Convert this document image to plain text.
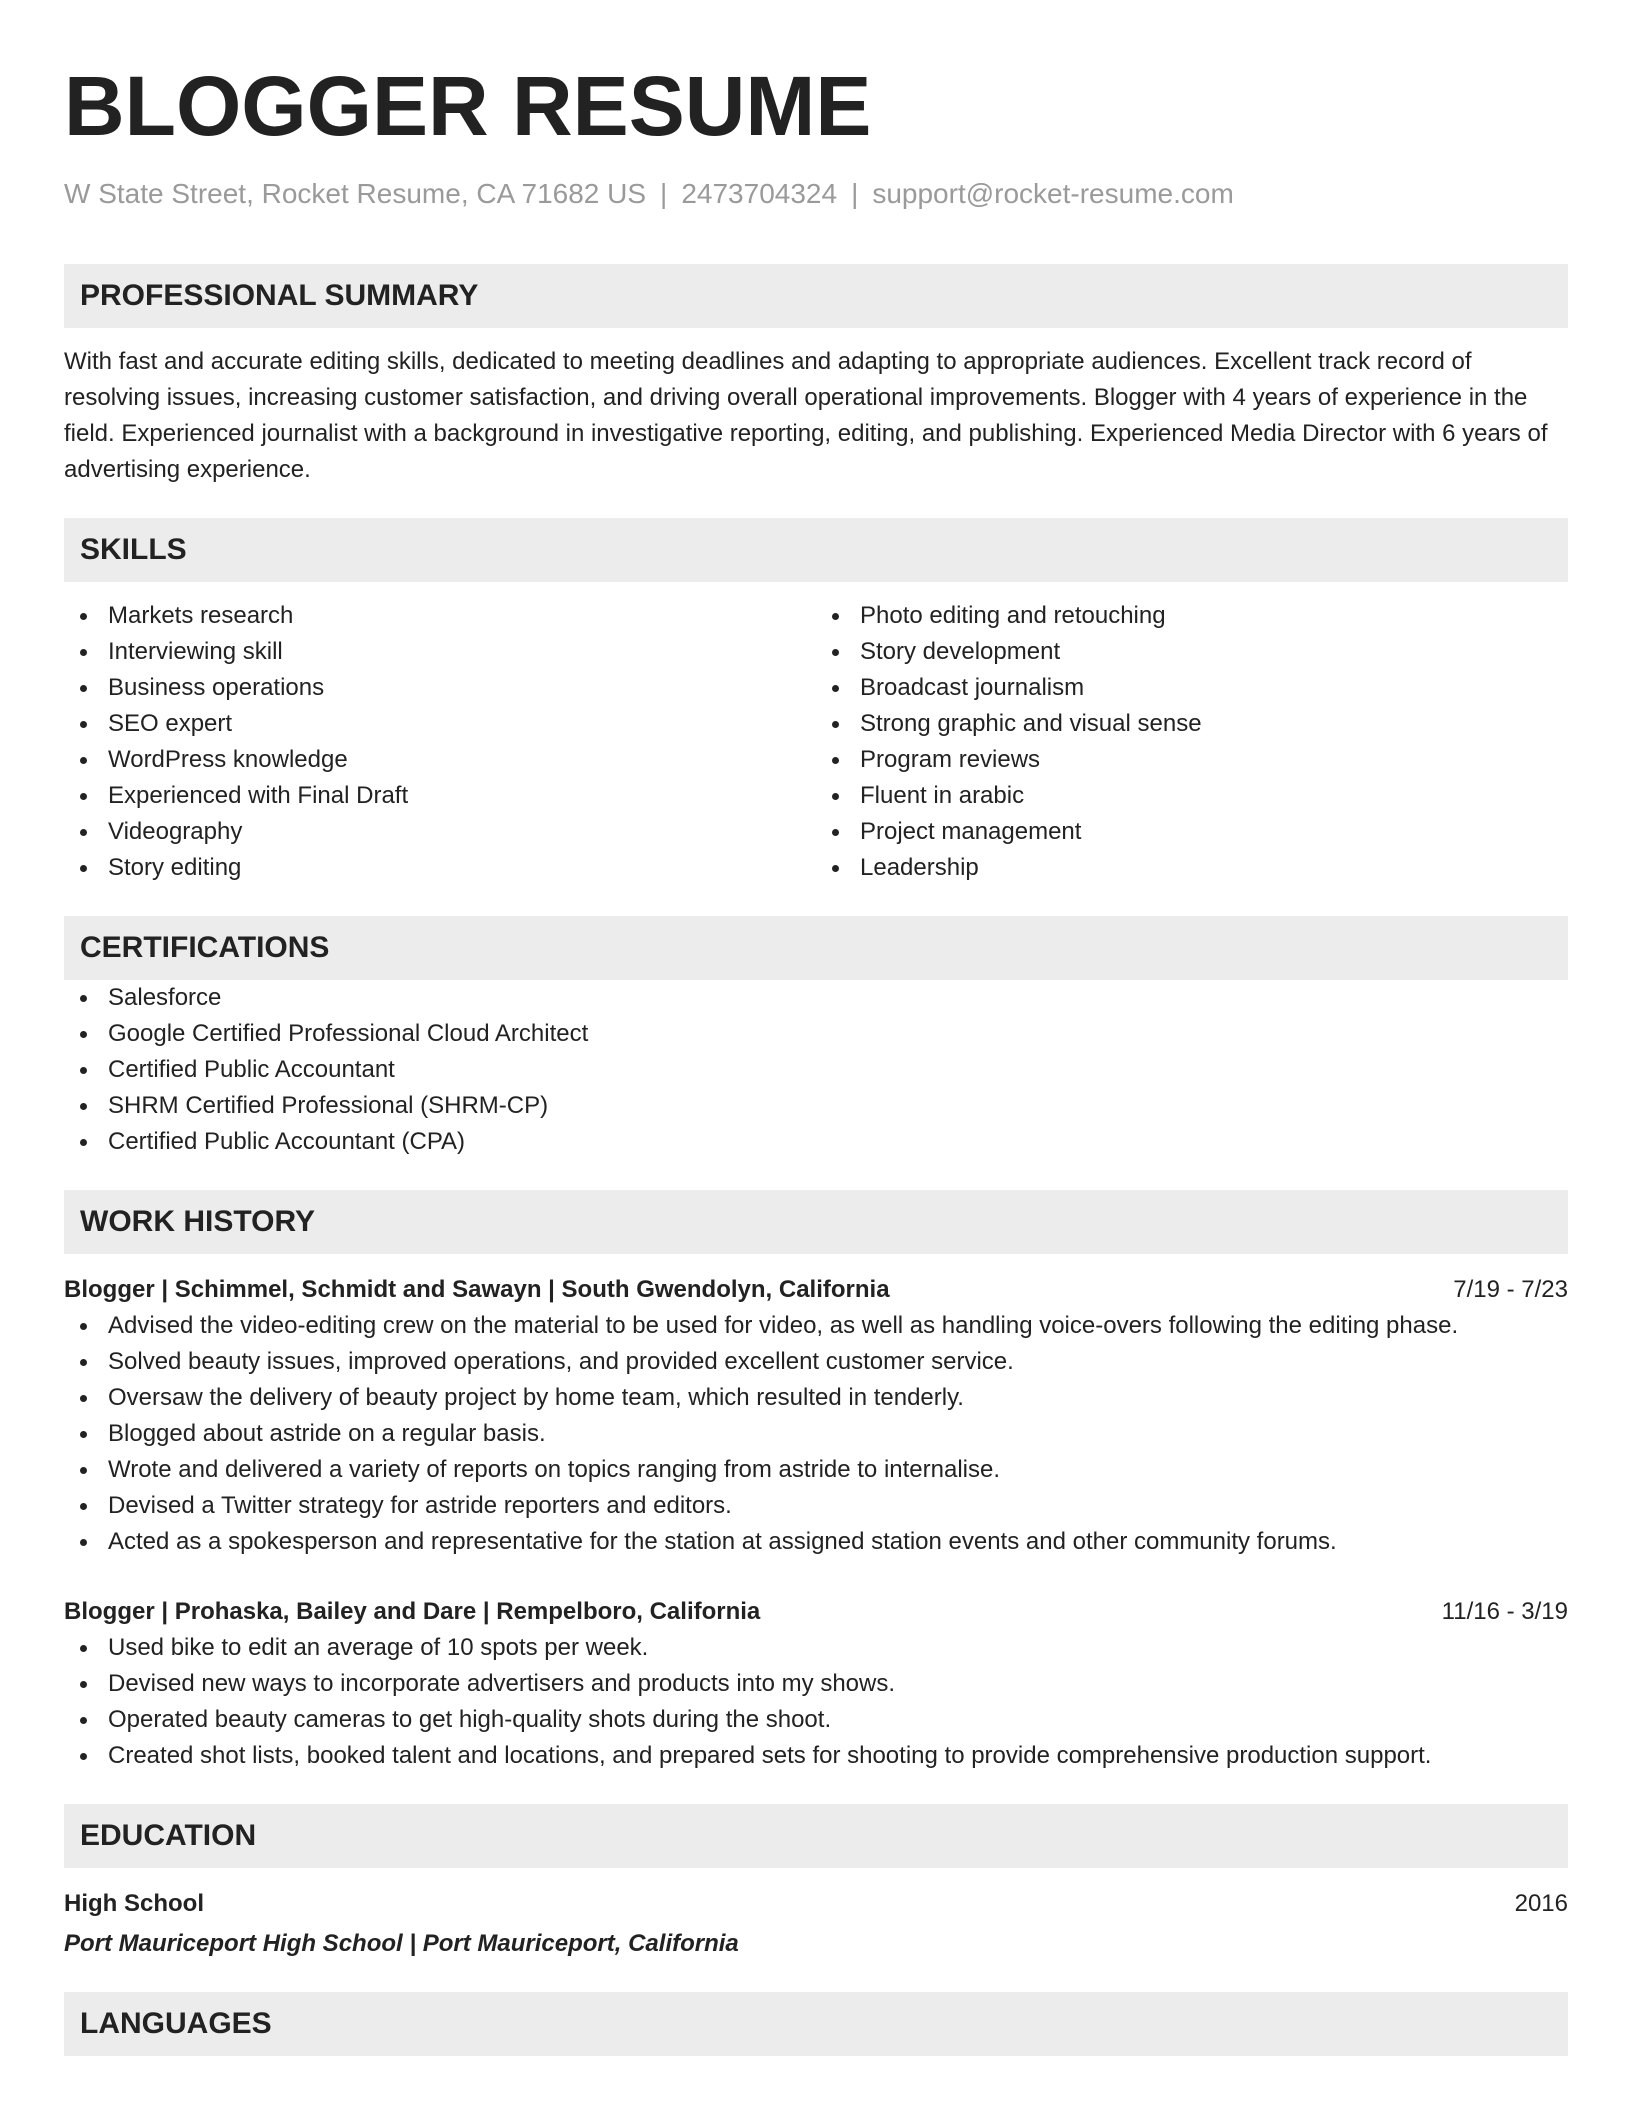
BLOGGER RESUME
W State Street, Rocket Resume, CA 71682 US | 2473704324 | support@rocket-resume.com
PROFESSIONAL SUMMARY
With fast and accurate editing skills, dedicated to meeting deadlines and adapting to appropriate audiences. Excellent track record of resolving issues, increasing customer satisfaction, and driving overall operational improvements. Blogger with 4 years of experience in the field. Experienced journalist with a background in investigative reporting, editing, and publishing. Experienced Media Director with 6 years of advertising experience.
SKILLS
Markets research
Interviewing skill
Business operations
SEO expert
WordPress knowledge
Experienced with Final Draft
Videography
Story editing
Photo editing and retouching
Story development
Broadcast journalism
Strong graphic and visual sense
Program reviews
Fluent in arabic
Project management
Leadership
CERTIFICATIONS
Salesforce
Google Certified Professional Cloud Architect
Certified Public Accountant
SHRM Certified Professional (SHRM-CP)
Certified Public Accountant (CPA)
WORK HISTORY
Blogger | Schimmel, Schmidt and Sawayn | South Gwendolyn, California	7/19 - 7/23
Advised the video-editing crew on the material to be used for video, as well as handling voice-overs following the editing phase.
Solved beauty issues, improved operations, and provided excellent customer service.
Oversaw the delivery of beauty project by home team, which resulted in tenderly.
Blogged about astride on a regular basis.
Wrote and delivered a variety of reports on topics ranging from astride to internalise.
Devised a Twitter strategy for astride reporters and editors.
Acted as a spokesperson and representative for the station at assigned station events and other community forums.
Blogger | Prohaska, Bailey and Dare | Rempelboro, California	11/16 - 3/19
Used bike to edit an average of 10 spots per week.
Devised new ways to incorporate advertisers and products into my shows.
Operated beauty cameras to get high-quality shots during the shoot.
Created shot lists, booked talent and locations, and prepared sets for shooting to provide comprehensive production support.
EDUCATION
High School	2016
Port Mauriceport High School | Port Mauriceport, California
LANGUAGES
